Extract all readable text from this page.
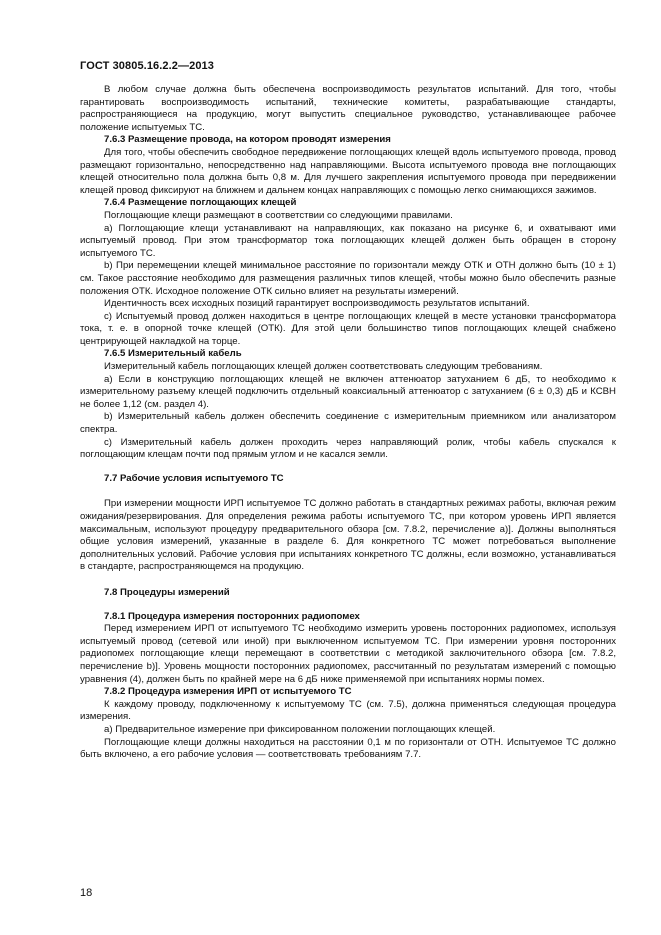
ГОСТ 30805.16.2.2—2013

В любом случае должна быть обеспечена воспроизводимость результатов испытаний. Для того, чтобы гарантировать воспроизводимость испытаний, технические комитеты, разрабатывающие стандарты, распространяющиеся на продукцию, могут выпустить специальное руководство, устанавливающее рабочее положение испытуемых ТС.

7.6.3 Размещение провода, на котором проводят измерения

Для того, чтобы обеспечить свободное передвижение поглощающих клещей вдоль испытуемого провода, провод размещают горизонтально, непосредственно над направляющими. Высота испытуемого провода вне поглощающих клещей относительно пола должна быть 0,8 м. Для лучшего закрепления испытуемого провода при передвижении клещей провод фиксируют на ближнем и дальнем концах направляющих с помощью легко снимающихся зажимов.

7.6.4 Размещение поглощающих клещей

Поглощающие клещи размещают в соответствии со следующими правилами.

a) Поглощающие клещи устанавливают на направляющих, как показано на рисунке 6, и охватывают ими испытуемый провод. При этом трансформатор тока поглощающих клещей должен быть обращен в сторону испытуемого ТС.

b) При перемещении клещей минимальное расстояние по горизонтали между ОТК и ОТН должно быть (10 ± 1) см. Такое расстояние необходимо для размещения различных типов клещей, чтобы можно было обеспечить разные положения ОТК. Исходное положение ОТК сильно влияет на результаты измерений.

Идентичность всех исходных позиций гарантирует воспроизводимость результатов испытаний.

c) Испытуемый провод должен находиться в центре поглощающих клещей в месте установки трансформатора тока, т. е. в опорной точке клещей (ОТК). Для этой цели большинство типов поглощающих клещей снабжено центрирующей накладкой на торце.

7.6.5 Измерительный кабель

Измерительный кабель поглощающих клещей должен соответствовать следующим требованиям.

a) Если в конструкцию поглощающих клещей не включен аттенюатор затуханием 6 дБ, то необходимо к измерительному разъему клещей подключить отдельный коаксиальный аттенюатор с затуханием (6 ± 0,3) дБ и КСВН не более 1,12 (см. раздел 4).

b) Измерительный кабель должен обеспечить соединение с измерительным приемником или анализатором спектра.

c) Измерительный кабель должен проходить через направляющий ролик, чтобы кабель спускался к поглощающим клещам почти под прямым углом и не касался земли.

7.7 Рабочие условия испытуемого ТС

При измерении мощности ИРП испытуемое ТС должно работать в стандартных режимах работы, включая режим ожидания/резервирования. Для определения режима работы испытуемого ТС, при котором уровень ИРП является максимальным, используют процедуру предварительного обзора [см. 7.8.2, перечисление a)]. Должны выполняться общие условия измерений, указанные в разделе 6. Для конкретного ТС может потребоваться выполнение дополнительных условий. Рабочие условия при испытаниях конкретного ТС должны, если возможно, устанавливаться в стандарте, распространяющемся на продукцию.

7.8 Процедуры измерений
7.8.1 Процедура измерения посторонних радиопомех

Перед измерением ИРП от испытуемого ТС необходимо измерить уровень посторонних радиопомех, используя испытуемый провод (сетевой или иной) при выключенном испытуемом ТС. При измерении уровня посторонних радиопомех поглощающие клещи перемещают в соответствии с методикой заключительного обзора [см. 7.8.2, перечисление b)]. Уровень мощности посторонних радиопомех, рассчитанный по результатам измерений с помощью уравнения (4), должен быть по крайней мере на 6 дБ ниже применяемой при испытаниях нормы помех.

7.8.2 Процедура измерения ИРП от испытуемого ТС

К каждому проводу, подключенному к испытуемому ТС (см. 7.5), должна применяться следующая процедура измерения.

a) Предварительное измерение при фиксированном положении поглощающих клещей.

Поглощающие клещи должны находиться на расстоянии 0,1 м по горизонтали от ОТН. Испытуемое ТС должно быть включено, а его рабочие условия — соответствовать требованиям 7.7.

18
